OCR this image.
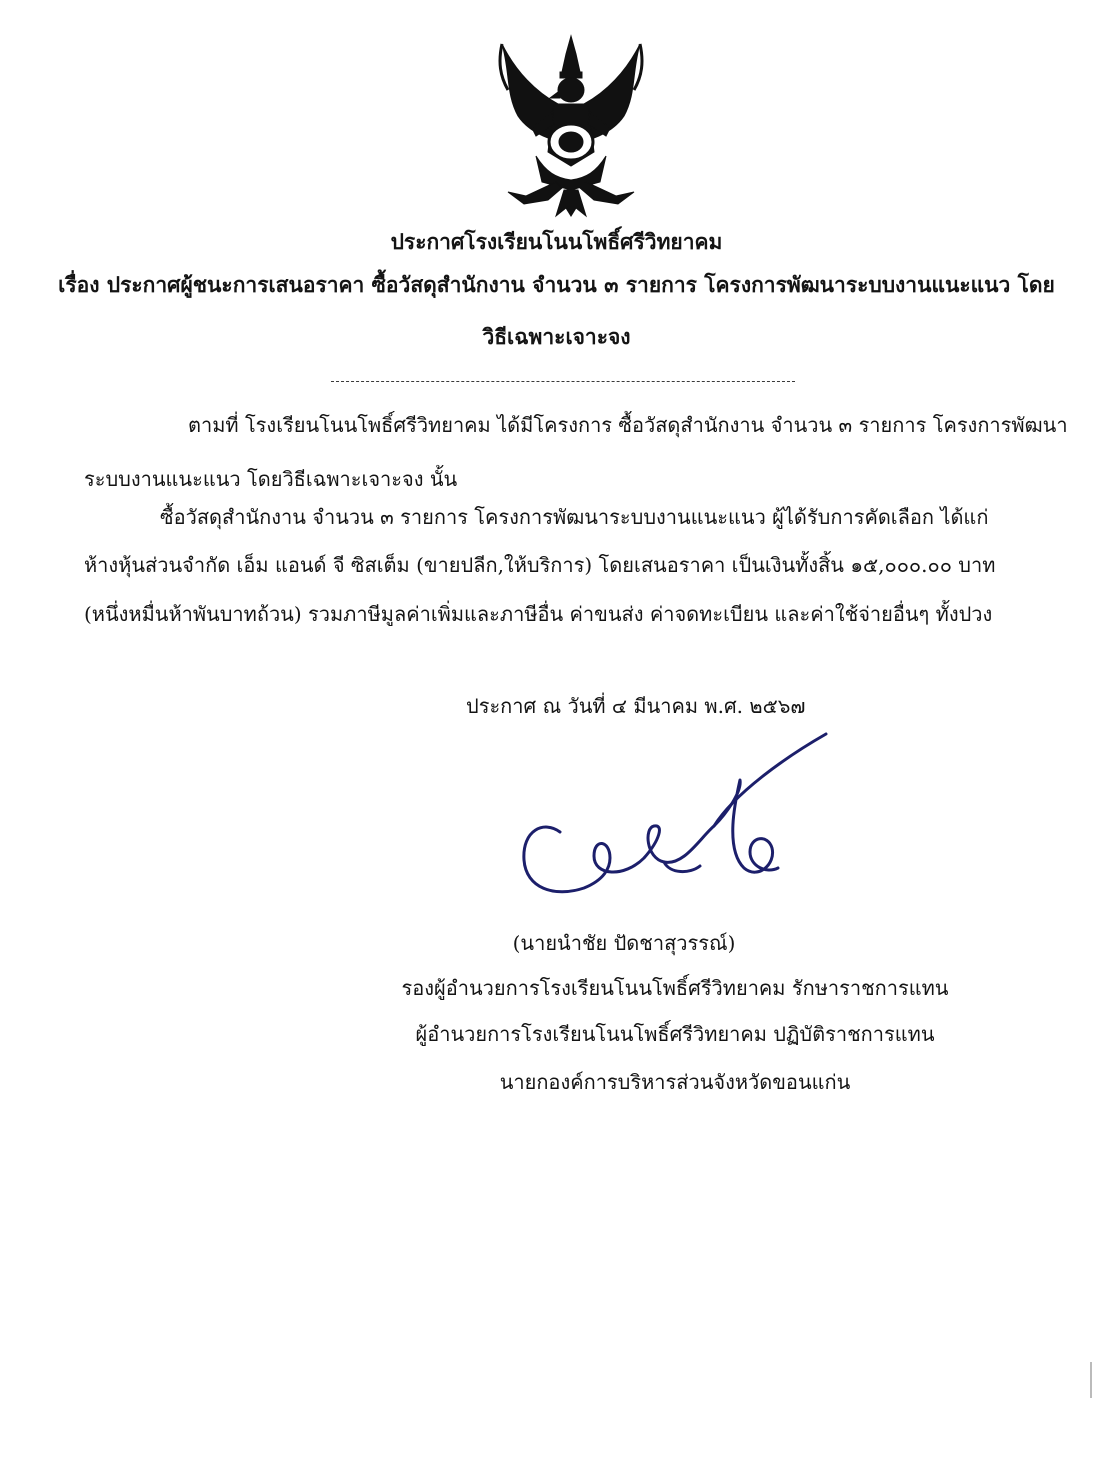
ประกาศโรงเรียนโนนโพธิ์ศรีวิทยาคม
เรื่อง ประกาศผู้ชนะการเสนอราคา ซื้อวัสดุสำนักงาน จำนวน ๓ รายการ โครงการพัฒนาระบบงานแนะแนว โดย
วิธีเฉพาะเจาะจง
ตามที่ โรงเรียนโนนโพธิ์ศรีวิทยาคม ได้มีโครงการ ซื้อวัสดุสำนักงาน จำนวน ๓ รายการ โครงการพัฒนา
ระบบงานแนะแนว โดยวิธีเฉพาะเจาะจง นั้น
ซื้อวัสดุสำนักงาน จำนวน ๓ รายการ โครงการพัฒนาระบบงานแนะแนว ผู้ได้รับการคัดเลือก ได้แก่
ห้างหุ้นส่วนจำกัด เอ็ม แอนด์ จี ซิสเต็ม (ขายปลีก,ให้บริการ) โดยเสนอราคา เป็นเงินทั้งสิ้น ๑๕,๐๐๐.๐๐ บาท
(หนึ่งหมื่นห้าพันบาทถ้วน) รวมภาษีมูลค่าเพิ่มและภาษีอื่น ค่าขนส่ง ค่าจดทะเบียน และค่าใช้จ่ายอื่นๆ ทั้งปวง
ประกาศ ณ วันที่ ๔ มีนาคม พ.ศ. ๒๕๖๗
(นายนำชัย ปัดชาสุวรรณ์)
รองผู้อำนวยการโรงเรียนโนนโพธิ์ศรีวิทยาคม รักษาราชการแทน
ผู้อำนวยการโรงเรียนโนนโพธิ์ศรีวิทยาคม ปฏิบัติราชการแทน
นายกองค์การบริหารส่วนจังหวัดขอนแก่น
